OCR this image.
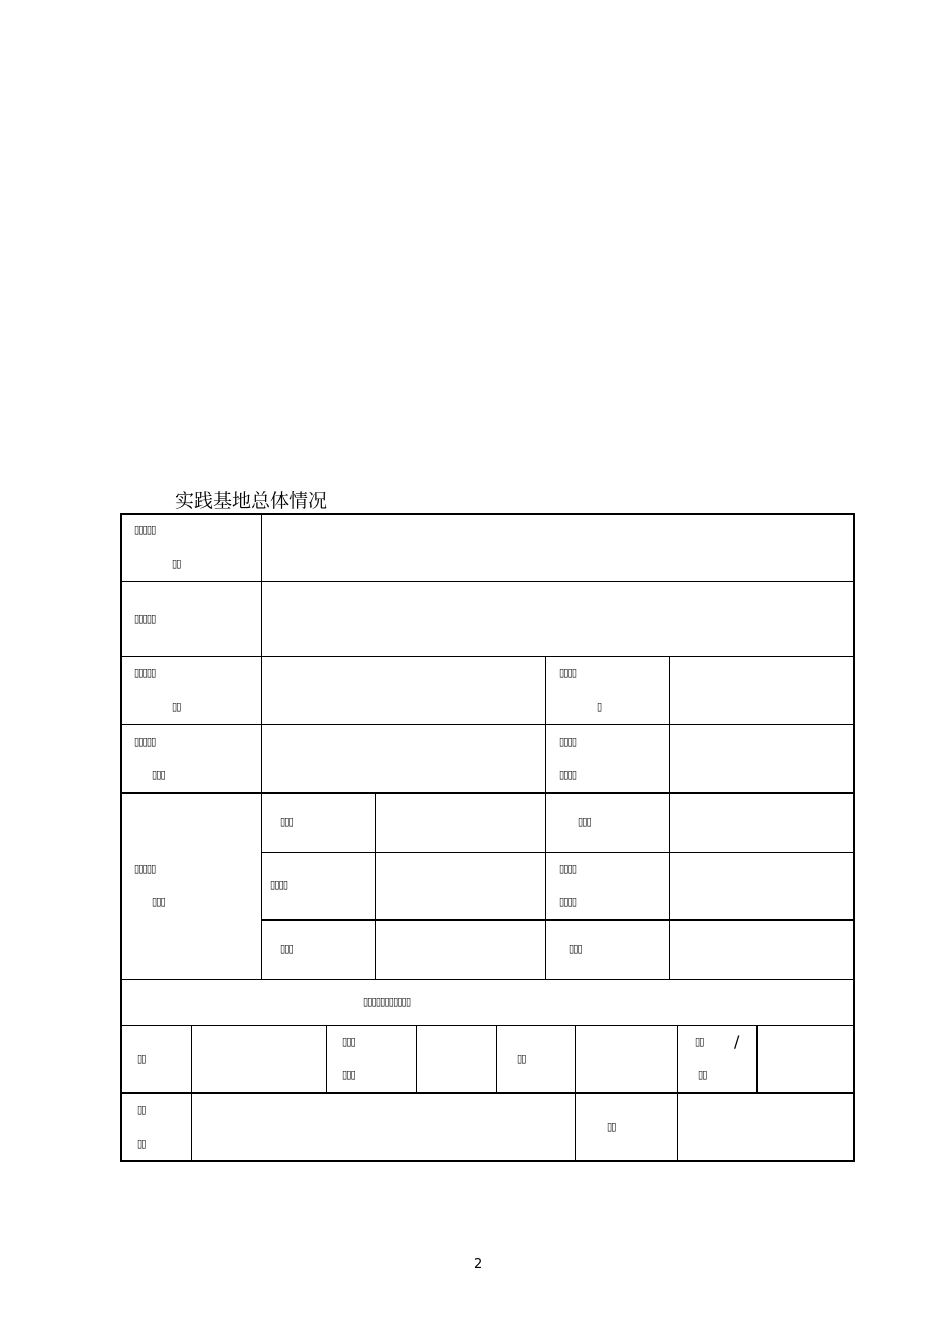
实践基地总体情况
▯▯▯▯▯
▯▯
▯▯▯▯▯
▯▯▯▯▯
▯▯
▯▯▯▯
▯
▯▯▯▯▯
▯▯▯
▯▯▯▯
▯▯▯▯
▯▯▯▯▯
▯▯▯
▯▯▯	▯▯▯
▯▯▯▯
▯▯▯▯
▯▯▯▯
▯▯▯	▯▯▯
▯▯▯▯▯▯▯▯▯▯▯
▯▯
▯▯▯
▯▯▯
▯▯
▯▯ /
▯▯
▯▯
▯▯
▯▯
2
